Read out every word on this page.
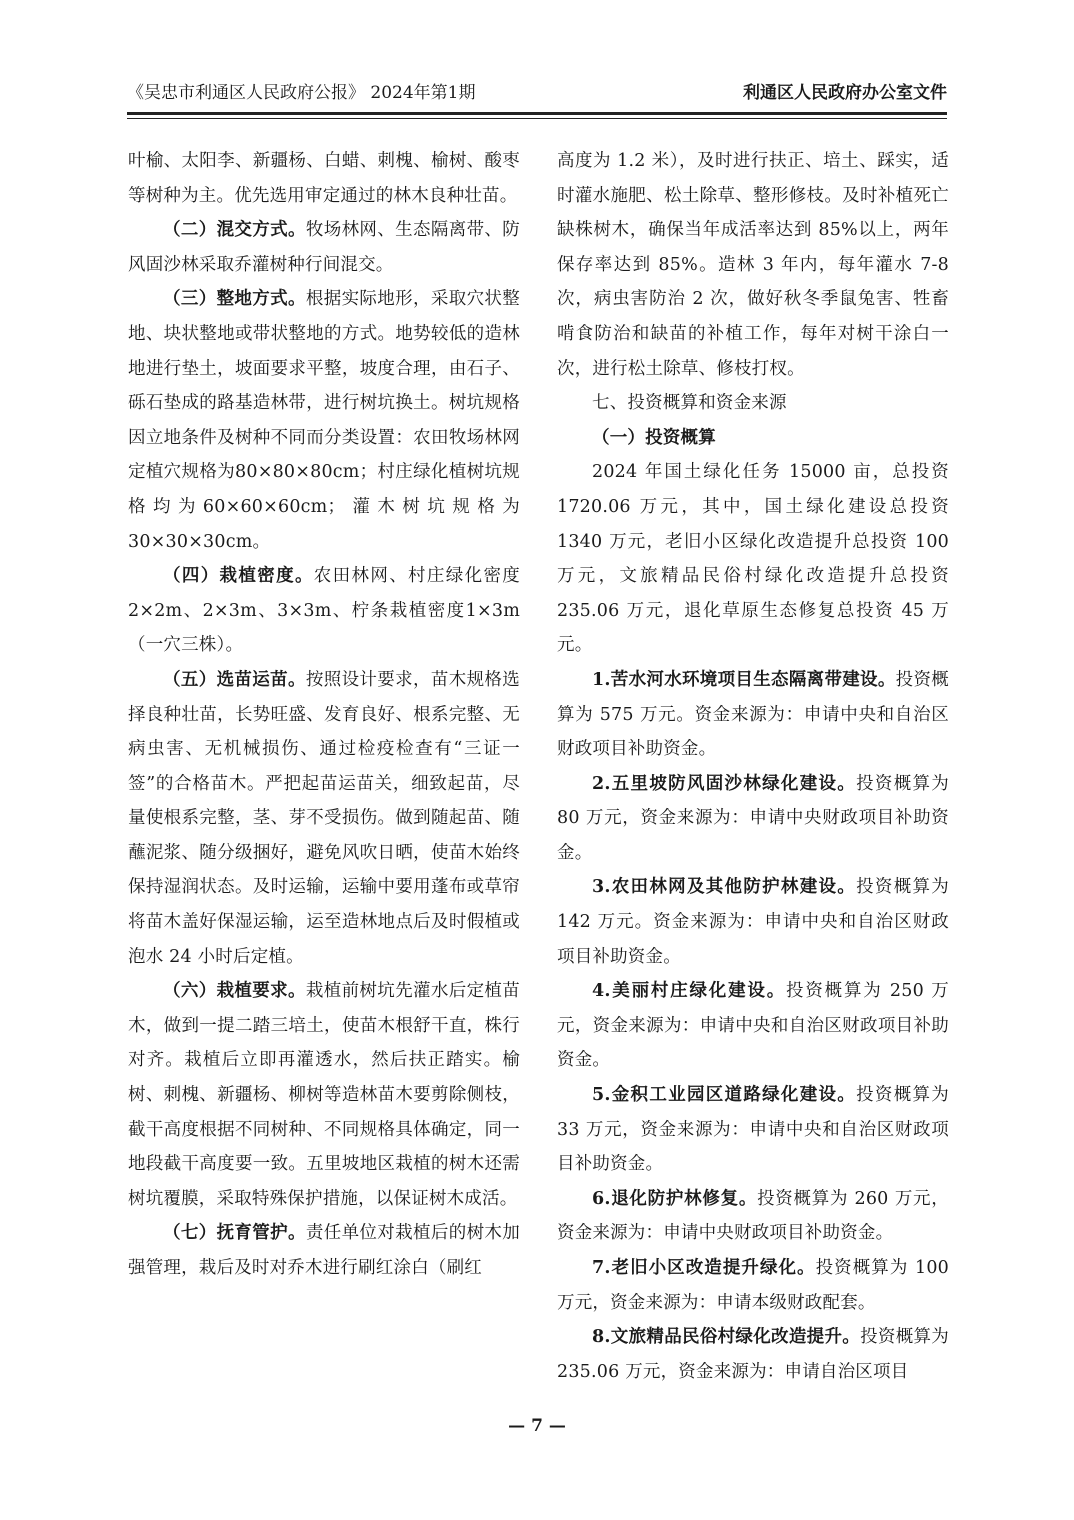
《吴忠市利通区人民政府公报》 2024年第1期	利通区人民政府办公室文件

叶榆、太阳李、新疆杨、白蜡、刺槐、榆树、酸枣等树种为主。优先选用审定通过的林木良种壮苗。

（二）混交方式。牧场林网、生态隔离带、防风固沙林采取乔灌树种行间混交。

（三）整地方式。根据实际地形，采取穴状整地、块状整地或带状整地的方式。地势较低的造林地进行垫土，坡面要求平整，坡度合理，由石子、砾石垫成的路基造林带，进行树坑换土。树坑规格因立地条件及树种不同而分类设置：农田牧场林网定植穴规格为80×80×80cm；村庄绿化植树坑规格均为60×60×60cm；灌木树坑规格为30×30×30cm。

（四）栽植密度。农田林网、村庄绿化密度2×2m、2×3m、3×3m、柠条栽植密度1×3m（一穴三株）。

（五）选苗运苗。按照设计要求，苗木规格选择良种壮苗，长势旺盛、发育良好、根系完整、无病虫害、无机械损伤、通过检疫检查有“三证一签”的合格苗木。严把起苗运苗关，细致起苗，尽量使根系完整，茎、芽不受损伤。做到随起苗、随蘸泥浆、随分级捆好，避免风吹日晒，使苗木始终保持湿润状态。及时运输，运输中要用蓬布或草帘将苗木盖好保湿运输，运至造林地点后及时假植或泡水 24 小时后定植。

（六）栽植要求。栽植前树坑先灌水后定植苗木，做到一提二踏三培土，使苗木根舒干直，株行对齐。栽植后立即再灌透水，然后扶正踏实。榆树、刺槐、新疆杨、柳树等造林苗木要剪除侧枝，截干高度根据不同树种、不同规格具体确定，同一地段截干高度要一致。五里坡地区栽植的树木还需树坑覆膜，采取特殊保护措施，以保证树木成活。

（七）抚育管护。责任单位对栽植后的树木加强管理，栽后及时对乔木进行刷红涂白（刷红

高度为 1.2 米），及时进行扶正、培土、踩实，适时灌水施肥、松土除草、整形修枝。及时补植死亡缺株树木，确保当年成活率达到 85%以上，两年保存率达到 85%。造林 3 年内，每年灌水 7-8 次，病虫害防治 2 次，做好秋冬季鼠兔害、牲畜啃食防治和缺苗的补植工作，每年对树干涂白一次，进行松土除草、修枝打杈。

七、投资概算和资金来源

（一）投资概算

2024 年国土绿化任务 15000 亩，总投资 1720.06 万元，其中，国土绿化建设总投资 1340 万元，老旧小区绿化改造提升总投资 100 万元，文旅精品民俗村绿化改造提升总投资 235.06 万元，退化草原生态修复总投资 45 万元。

1.苦水河水环境项目生态隔离带建设。投资概算为 575 万元。资金来源为：申请中央和自治区财政项目补助资金。

2.五里坡防风固沙林绿化建设。投资概算为 80 万元，资金来源为：申请中央财政项目补助资金。

3.农田林网及其他防护林建设。投资概算为 142 万元。资金来源为：申请中央和自治区财政项目补助资金。

4.美丽村庄绿化建设。投资概算为 250 万元，资金来源为：申请中央和自治区财政项目补助资金。

5.金积工业园区道路绿化建设。投资概算为 33 万元，资金来源为：申请中央和自治区财政项目补助资金。

6.退化防护林修复。投资概算为 260 万元，资金来源为：申请中央财政项目补助资金。

7.老旧小区改造提升绿化。投资概算为 100 万元，资金来源为：申请本级财政配套。

8.文旅精品民俗村绿化改造提升。投资概算为 235.06 万元，资金来源为：申请自治区项目

— 7 —
